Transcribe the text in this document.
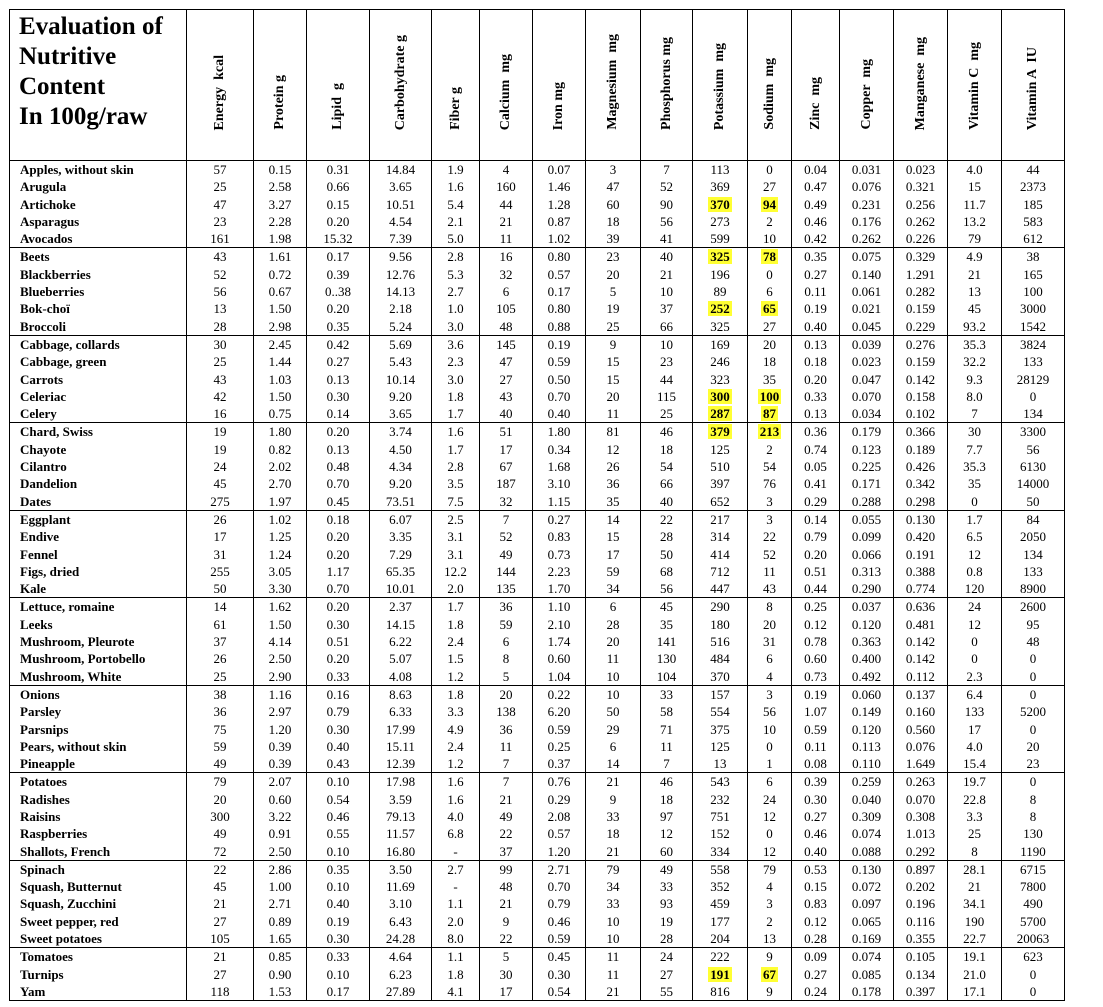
Evaluation of
Nutritive
Content
In 100g/raw	Energy  kcal	Protein g	Lipid  g	Carbohydrate g	Fiber g	Calcium  mg	Iron mg	Magnesium  mg	Phosphorus mg	Potassium  mg	Sodium  mg	Zinc  mg	Copper  mg	Manganese  mg	Vitamin C  mg	Vitamin A  IU

Apples, without skin	57	0.15	0.31	14.84	1.9	4	0.07	3	7	113	0	0.04	0.031	0.023	4.0	44
Arugula	25	2.58	0.66	3.65	1.6	160	1.46	47	52	369	27	0.47	0.076	0.321	15	2373
Artichoke	47	3.27	0.15	10.51	5.4	44	1.28	60	90	370	94	0.49	0.231	0.256	11.7	185
Asparagus	23	2.28	0.20	4.54	2.1	21	0.87	18	56	273	2	0.46	0.176	0.262	13.2	583
Avocados	161	1.98	15.32	7.39	5.0	11	1.02	39	41	599	10	0.42	0.262	0.226	79	612
Beets	43	1.61	0.17	9.56	2.8	16	0.80	23	40	325	78	0.35	0.075	0.329	4.9	38
Blackberries	52	0.72	0.39	12.76	5.3	32	0.57	20	21	196	0	0.27	0.140	1.291	21	165
Blueberries	56	0.67	0..38	14.13	2.7	6	0.17	5	10	89	6	0.11	0.061	0.282	13	100
Bok-choï	13	1.50	0.20	2.18	1.0	105	0.80	19	37	252	65	0.19	0.021	0.159	45	3000
Broccoli	28	2.98	0.35	5.24	3.0	48	0.88	25	66	325	27	0.40	0.045	0.229	93.2	1542
Cabbage, collards	30	2.45	0.42	5.69	3.6	145	0.19	9	10	169	20	0.13	0.039	0.276	35.3	3824
Cabbage, green	25	1.44	0.27	5.43	2.3	47	0.59	15	23	246	18	0.18	0.023	0.159	32.2	133
Carrots	43	1.03	0.13	10.14	3.0	27	0.50	15	44	323	35	0.20	0.047	0.142	9.3	28129
Celeriac	42	1.50	0.30	9.20	1.8	43	0.70	20	115	300	100	0.33	0.070	0.158	8.0	0
Celery	16	0.75	0.14	3.65	1.7	40	0.40	11	25	287	87	0.13	0.034	0.102	7	134
Chard, Swiss	19	1.80	0.20	3.74	1.6	51	1.80	81	46	379	213	0.36	0.179	0.366	30	3300
Chayote	19	0.82	0.13	4.50	1.7	17	0.34	12	18	125	2	0.74	0.123	0.189	7.7	56
Cilantro	24	2.02	0.48	4.34	2.8	67	1.68	26	54	510	54	0.05	0.225	0.426	35.3	6130
Dandelion	45	2.70	0.70	9.20	3.5	187	3.10	36	66	397	76	0.41	0.171	0.342	35	14000
Dates	275	1.97	0.45	73.51	7.5	32	1.15	35	40	652	3	0.29	0.288	0.298	0	50
Eggplant	26	1.02	0.18	6.07	2.5	7	0.27	14	22	217	3	0.14	0.055	0.130	1.7	84
Endive	17	1.25	0.20	3.35	3.1	52	0.83	15	28	314	22	0.79	0.099	0.420	6.5	2050
Fennel	31	1.24	0.20	7.29	3.1	49	0.73	17	50	414	52	0.20	0.066	0.191	12	134
Figs, dried	255	3.05	1.17	65.35	12.2	144	2.23	59	68	712	11	0.51	0.313	0.388	0.8	133
Kale	50	3.30	0.70	10.01	2.0	135	1.70	34	56	447	43	0.44	0.290	0.774	120	8900
Lettuce, romaine	14	1.62	0.20	2.37	1.7	36	1.10	6	45	290	8	0.25	0.037	0.636	24	2600
Leeks	61	1.50	0.30	14.15	1.8	59	2.10	28	35	180	20	0.12	0.120	0.481	12	95
Mushroom, Pleurote	37	4.14	0.51	6.22	2.4	6	1.74	20	141	516	31	0.78	0.363	0.142	0	48
Mushroom, Portobello	26	2.50	0.20	5.07	1.5	8	0.60	11	130	484	6	0.60	0.400	0.142	0	0
Mushroom, White	25	2.90	0.33	4.08	1.2	5	1.04	10	104	370	4	0.73	0.492	0.112	2.3	0
Onions	38	1.16	0.16	8.63	1.8	20	0.22	10	33	157	3	0.19	0.060	0.137	6.4	0
Parsley	36	2.97	0.79	6.33	3.3	138	6.20	50	58	554	56	1.07	0.149	0.160	133	5200
Parsnips	75	1.20	0.30	17.99	4.9	36	0.59	29	71	375	10	0.59	0.120	0.560	17	0
Pears, without skin	59	0.39	0.40	15.11	2.4	11	0.25	6	11	125	0	0.11	0.113	0.076	4.0	20
Pineapple	49	0.39	0.43	12.39	1.2	7	0.37	14	7	13	1	0.08	0.110	1.649	15.4	23
Potatoes	79	2.07	0.10	17.98	1.6	7	0.76	21	46	543	6	0.39	0.259	0.263	19.7	0
Radishes	20	0.60	0.54	3.59	1.6	21	0.29	9	18	232	24	0.30	0.040	0.070	22.8	8
Raisins	300	3.22	0.46	79.13	4.0	49	2.08	33	97	751	12	0.27	0.309	0.308	3.3	8
Raspberries	49	0.91	0.55	11.57	6.8	22	0.57	18	12	152	0	0.46	0.074	1.013	25	130
Shallots, French	72	2.50	0.10	16.80	-	37	1.20	21	60	334	12	0.40	0.088	0.292	8	1190
Spinach	22	2.86	0.35	3.50	2.7	99	2.71	79	49	558	79	0.53	0.130	0.897	28.1	6715
Squash, Butternut	45	1.00	0.10	11.69	-	48	0.70	34	33	352	4	0.15	0.072	0.202	21	7800
Squash, Zucchini	21	2.71	0.40	3.10	1.1	21	0.79	33	93	459	3	0.83	0.097	0.196	34.1	490
Sweet pepper, red	27	0.89	0.19	6.43	2.0	9	0.46	10	19	177	2	0.12	0.065	0.116	190	5700
Sweet potatoes	105	1.65	0.30	24.28	8.0	22	0.59	10	28	204	13	0.28	0.169	0.355	22.7	20063
Tomatoes	21	0.85	0.33	4.64	1.1	5	0.45	11	24	222	9	0.09	0.074	0.105	19.1	623
Turnips	27	0.90	0.10	6.23	1.8	30	0.30	11	27	191	67	0.27	0.085	0.134	21.0	0
Yam	118	1.53	0.17	27.89	4.1	17	0.54	21	55	816	9	0.24	0.178	0.397	17.1	0
